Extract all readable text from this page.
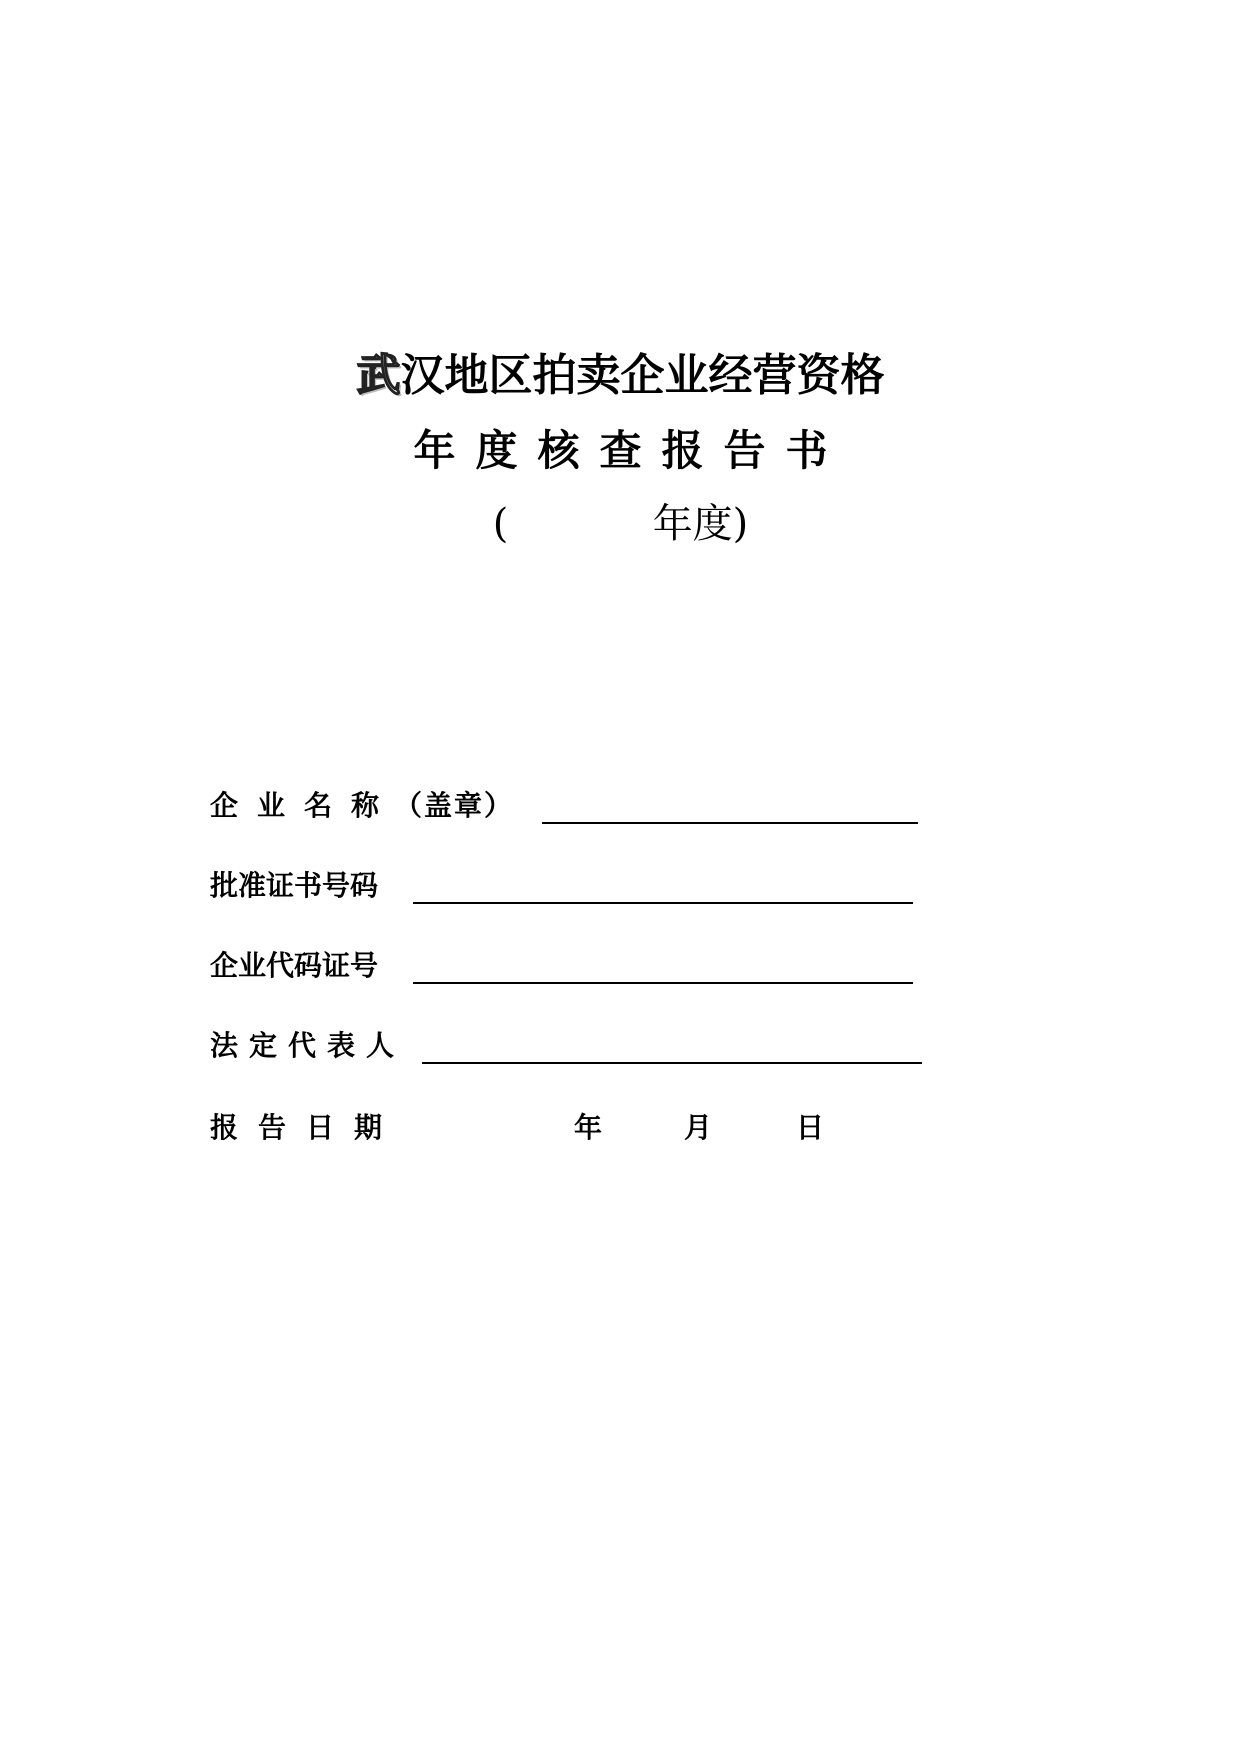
武汉地区拍卖企业经营资格
年度核查报告书
(	年度)
企业名称（盖章）
批准证书号码
企业代码证号
法定代表人
报告日期	年	月	日
